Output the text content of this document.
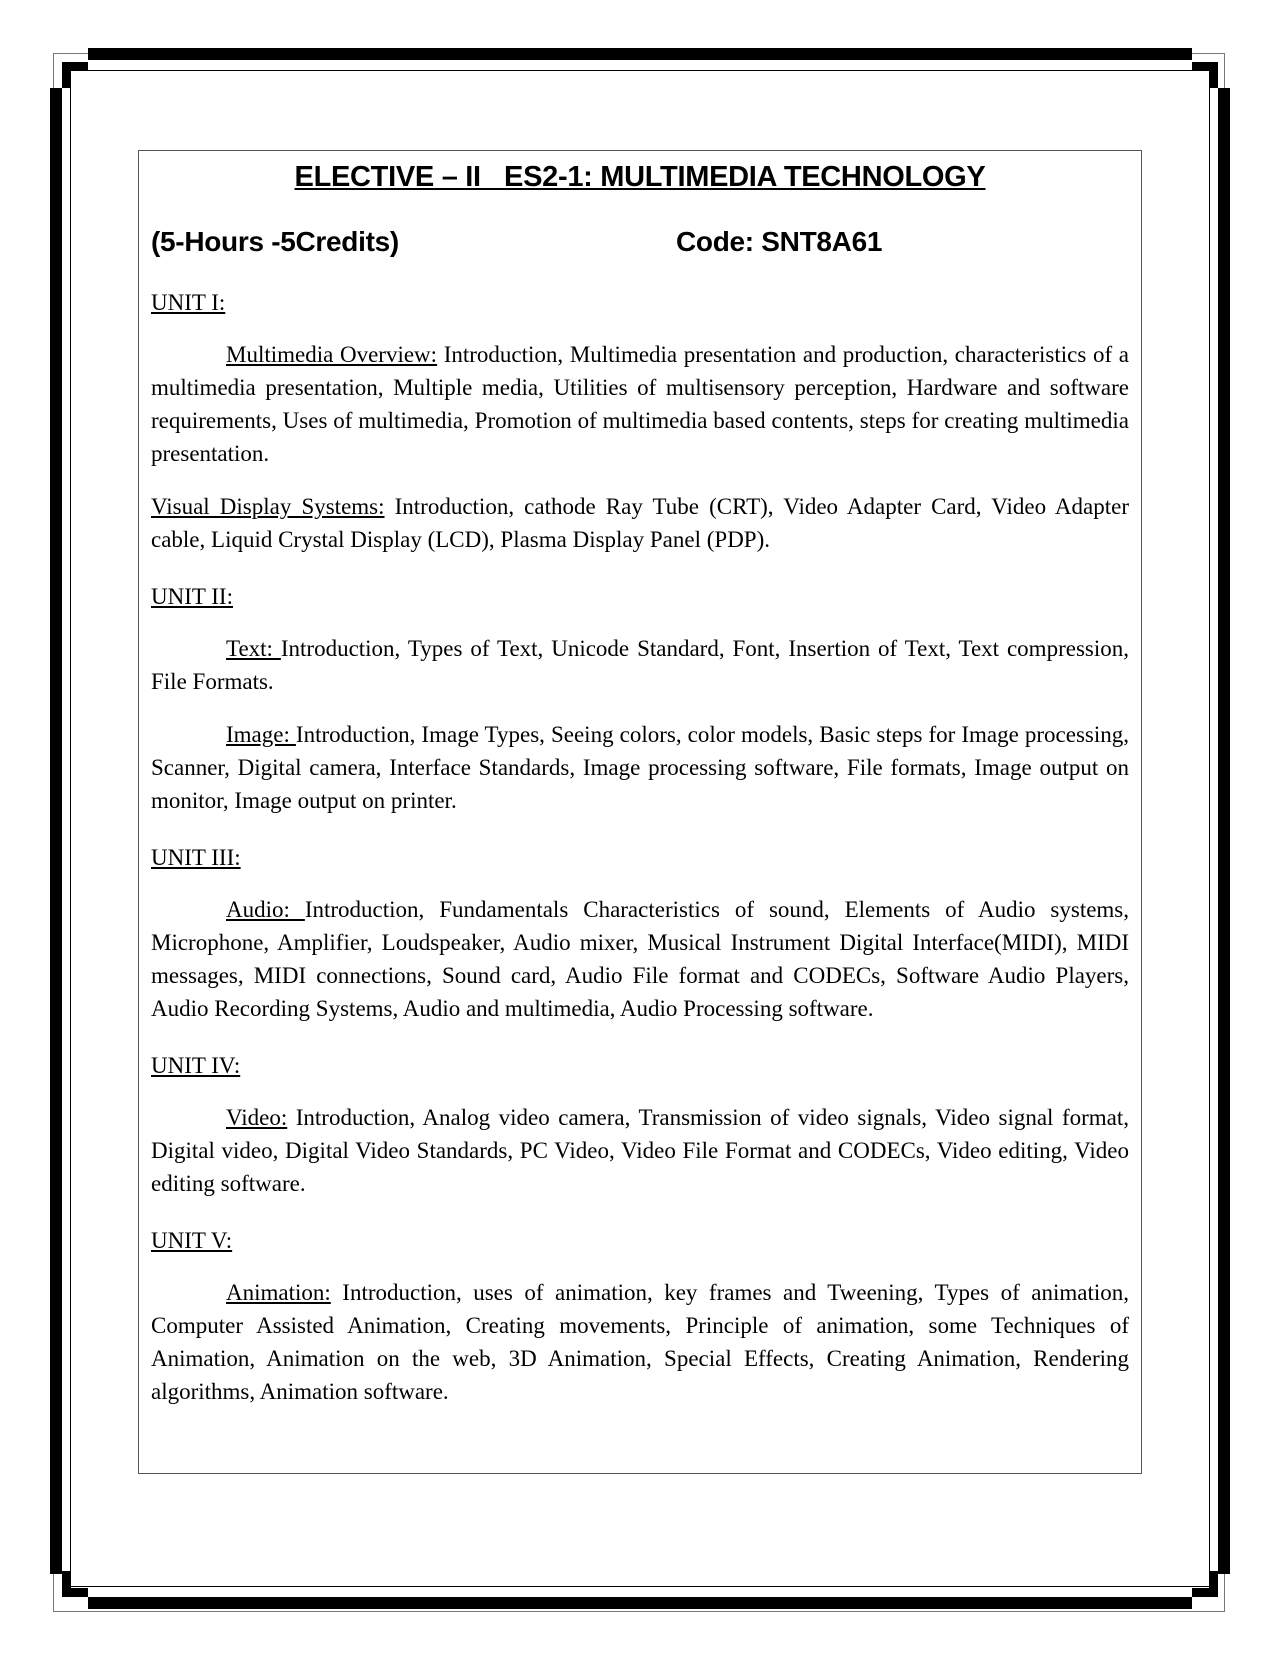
ELECTIVE – II   ES2-1: MULTIMEDIA TECHNOLOGY
(5-Hours -5Credits)	Code: SNT8A61
UNIT I:

Multimedia Overview: Introduction, Multimedia presentation and production, characteristics of a multimedia presentation, Multiple media, Utilities of multisensory perception, Hardware and software requirements, Uses of multimedia, Promotion of multimedia based contents, steps for creating multimedia presentation.

Visual Display Systems: Introduction, cathode Ray Tube (CRT), Video Adapter Card, Video Adapter cable, Liquid Crystal Display (LCD), Plasma Display Panel (PDP).

UNIT II:

Text: Introduction, Types of Text, Unicode Standard, Font, Insertion of Text, Text compression, File Formats.

Image: Introduction, Image Types, Seeing colors, color models, Basic steps for Image processing, Scanner, Digital camera, Interface Standards, Image processing software, File formats, Image output on monitor, Image output on printer.

UNIT III:

Audio: Introduction, Fundamentals Characteristics of sound, Elements of Audio systems, Microphone, Amplifier, Loudspeaker, Audio mixer, Musical Instrument Digital Interface(MIDI), MIDI messages, MIDI connections, Sound card, Audio File format and CODECs, Software Audio Players, Audio Recording Systems, Audio and multimedia, Audio Processing software.

UNIT IV:

Video: Introduction, Analog video camera, Transmission of video signals, Video signal format, Digital video, Digital Video Standards, PC Video, Video File Format and CODECs, Video editing, Video editing software.

UNIT V:

Animation: Introduction, uses of animation, key frames and Tweening, Types of animation, Computer Assisted Animation, Creating movements, Principle of animation, some Techniques of Animation, Animation on the web, 3D Animation, Special Effects, Creating Animation, Rendering algorithms, Animation software.
